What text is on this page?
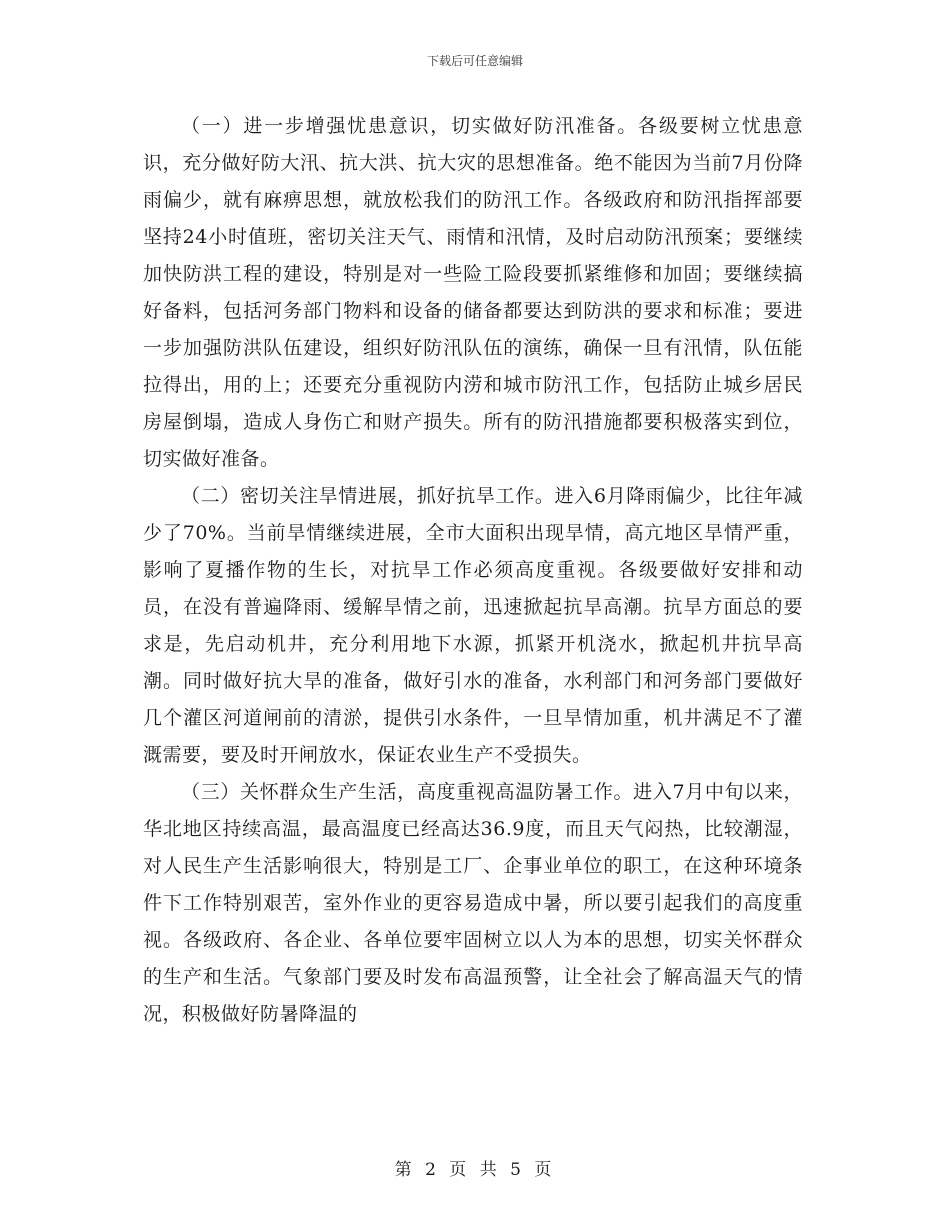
下载后可任意编辑

（一）进一步增强忧患意识，切实做好防汛准备。各级要树立忧患意识，充分做好防大汛、抗大洪、抗大灾的思想准备。绝不能因为当前7月份降雨偏少，就有麻痹思想，就放松我们的防汛工作。各级政府和防汛指挥部要坚持24小时值班，密切关注天气、雨情和汛情，及时启动防汛预案；要继续加快防洪工程的建设，特别是对一些险工险段要抓紧维修和加固；要继续搞好备料，包括河务部门物料和设备的储备都要达到防洪的要求和标准；要进一步加强防洪队伍建设，组织好防汛队伍的演练，确保一旦有汛情，队伍能拉得出，用的上；还要充分重视防内涝和城市防汛工作，包括防止城乡居民房屋倒塌，造成人身伤亡和财产损失。所有的防汛措施都要积极落实到位，切实做好准备。

（二）密切关注旱情进展，抓好抗旱工作。进入6月降雨偏少，比往年减少了70%。当前旱情继续进展，全市大面积出现旱情，高亢地区旱情严重，影响了夏播作物的生长，对抗旱工作必须高度重视。各级要做好安排和动员，在没有普遍降雨、缓解旱情之前，迅速掀起抗旱高潮。抗旱方面总的要求是，先启动机井，充分利用地下水源，抓紧开机浇水，掀起机井抗旱高潮。同时做好抗大旱的准备，做好引水的准备，水利部门和河务部门要做好几个灌区河道闸前的清淤，提供引水条件，一旦旱情加重，机井满足不了灌溉需要，要及时开闸放水，保证农业生产不受损失。

（三）关怀群众生产生活，高度重视高温防暑工作。进入7月中旬以来，华北地区持续高温，最高温度已经高达36.9度，而且天气闷热，比较潮湿，对人民生产生活影响很大，特别是工厂、企事业单位的职工，在这种环境条件下工作特别艰苦，室外作业的更容易造成中暑，所以要引起我们的高度重视。各级政府、各企业、各单位要牢固树立以人为本的思想，切实关怀群众的生产和生活。气象部门要及时发布高温预警，让全社会了解高温天气的情况，积极做好防暑降温的

第 2 页 共 5 页
